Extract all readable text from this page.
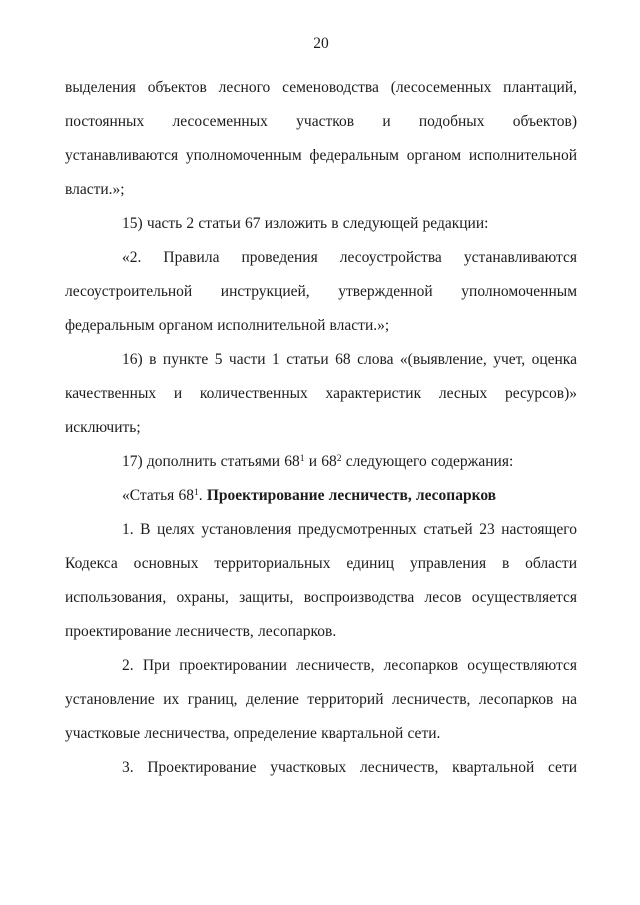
20
выделения объектов лесного семеноводства (лесосеменных плантаций,
постоянных лесосеменных участков и подобных объектов)
устанавливаются уполномоченным федеральным органом исполнительной
власти.»;
15) часть 2 статьи 67 изложить в следующей редакции:
«2. Правила проведения лесоустройства устанавливаются
лесоустроительной инструкцией, утвержденной уполномоченным
федеральным органом исполнительной власти.»;
16) в пункте 5 части 1 статьи 68 слова «(выявление, учет, оценка
качественных и количественных характеристик лесных ресурсов)»
исключить;
17) дополнить статьями $68^1$ и $68^2$ следующего содержания:
«Статья $68^1$. Проектирование лесничеств, лесопарков
1. В целях установления предусмотренных статьей 23 настоящего
Кодекса основных территориальных единиц управления в области
использования, охраны, защиты, воспроизводства лесов осуществляется
проектирование лесничеств, лесопарков.
2. При проектировании лесничеств, лесопарков осуществляются
установление их границ, деление территорий лесничеств, лесопарков на
участковые лесничества, определение квартальной сети.
3. Проектирование участковых лесничеств, квартальной сети
